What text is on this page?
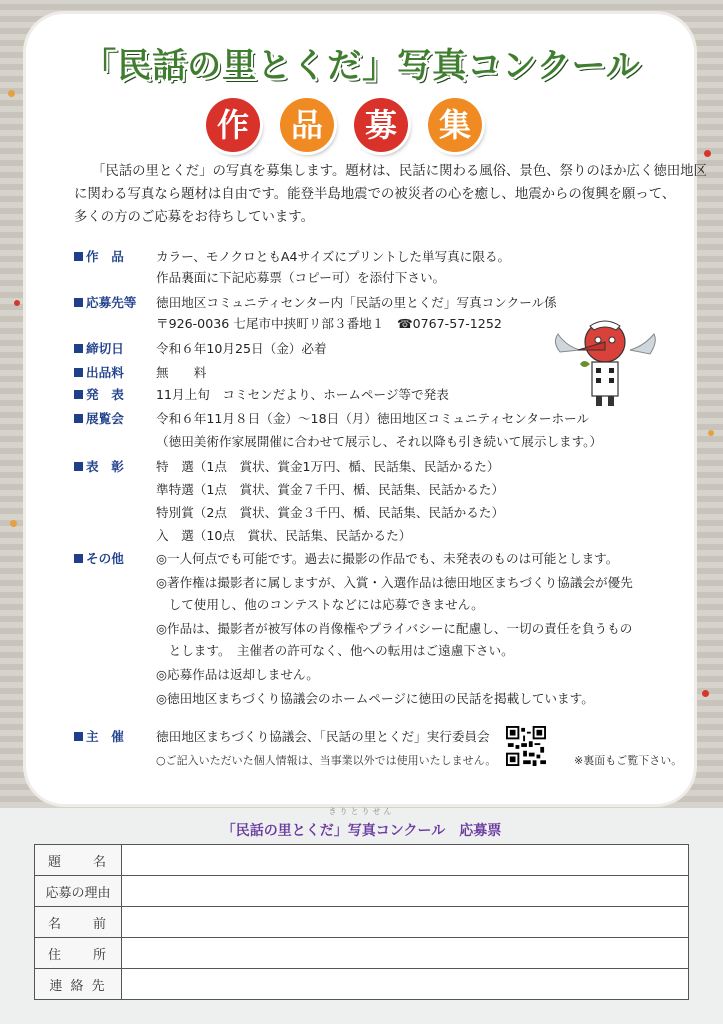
「民話の里とくだ」写真コンクール
作	品	募	集
「民話の里とくだ」の写真を募集します。題材は、民話に関わる風俗、景色、祭りのほか広く徳田地区
に関わる写真なら題材は自由です。能登半島地震での被災者の心を癒し、地震からの復興を願って、
多くの方のご応募をお待ちしています。
作　品	カラー、モノクロともA4サイズにプリントした単写真に限る。
作品裏面に下記応募票（コピー可）を添付下さい。
応募先等	徳田地区コミュニティセンター内「民話の里とくだ」写真コンクール係
〒926-0036 七尾市中挟町リ部３番地１　☎0767-57-1252
締切日	令和６年10月25日（金）必着
出品料	無　　料
発　表	11月上旬　コミセンだより、ホームページ等で発表
展覧会	令和６年11月８日（金）〜18日（月）徳田地区コミュニティセンターホール
（徳田美術作家展開催に合わせて展示し、それ以降も引き続いて展示します。）
表　彰	特　選（1点　賞状、賞金1万円、楯、民話集、民話かるた）
準特選（1点　賞状、賞金７千円、楯、民話集、民話かるた）
特別賞（2点　賞状、賞金３千円、楯、民話集、民話かるた）
入　選（10点　賞状、民話集、民話かるた）
その他	◎一人何点でも可能です。過去に撮影の作品でも、未発表のものは可能とします。
◎著作権は撮影者に属しますが、入賞・入選作品は徳田地区まちづくり協議会が優先
　して使用し、他のコンテストなどには応募できません。
◎作品は、撮影者が被写体の肖像権やプライバシーに配慮し、一切の責任を負うもの
　とします。　主催者の許可なく、他への転用はご遠慮下さい。
◎応募作品は返却しません。
◎徳田地区まちづくり協議会のホームページに徳田の民話を掲載しています。
主　催	徳田地区まちづくり協議会、「民話の里とくだ」実行委員会
○ご記入いただいた個人情報は、当事業以外では使用いたしません。	※裏面もご覧下さい。
きりとりせん
「民話の里とくだ」写真コンクール　応募票
題　　名	
応募の理由	
名　　前	
住　　所	
連 絡 先	
